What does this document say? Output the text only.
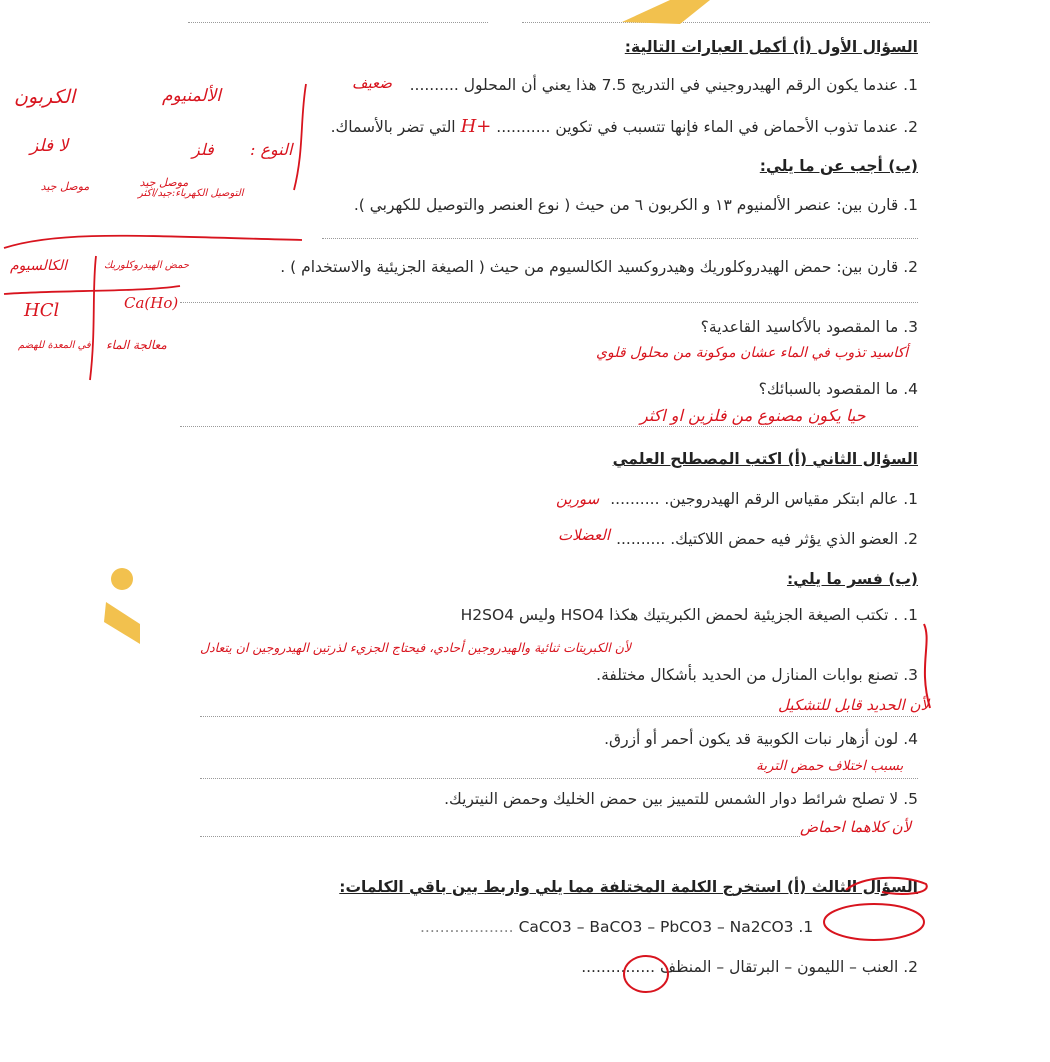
السؤال الأول (أ) أكمل العبارات التالية:
1. عندما يكون الرقم الهيدروجيني في التدريج 7.5 هذا يعني أن المحلول ..........
ضعيف
2. عندما تذوب الأحماض في الماء فإنها تتسبب في تكوين ........... H+ التي تضر بالأسماك.
(ب) أجب عن ما يلي:
1. قارن بين: عنصر الألمنيوم ١٣ و الكربون ٦ من حيث ( نوع العنصر والتوصيل للكهربي ).
2. قارن بين: حمض الهيدروكلوريك وهيدروكسيد الكالسيوم من حيث ( الصيغة الجزيئية والاستخدام ) .
3. ما المقصود بالأكاسيد القاعدية؟
أكاسيد تذوب في الماء عشان موكونة من محلول قلوي
4. ما المقصود بالسبائك؟
حيا يكون مصنوع من فلزين او اكثر
السؤال الثاني (أ) اكتب المصطلح العلمي
1. عالم ابتكر مقياس الرقم الهيدروجين. ..........
سورين
2. العضو الذي يؤثر فيه حمض اللاكتيك. ..........
العضلات
(ب) فسر ما يلي:
1. . تكتب الصيغة الجزيئية لحمض الكبريتيك هكذا HSO4 وليس H2SO4
لأن الكبريتات ثنائية والهيدروجين أحادي، فيحتاج الجزيء لذرتين الهيدروجين ان يتعادل
3. تصنع بوابات المنازل من الحديد بأشكال مختلفة.
لأن الحديد قابل للتشكيل
4. لون أزهار نبات الكوبية قد يكون أحمر أو أزرق.
بسبب اختلاف حمض التربة
5. لا تصلح شرائط دوار الشمس للتمييز بين حمض الخليك وحمض النيتريك.
لأن كلاهما احماض
السؤال الثالث (أ) استخرج الكلمة المختلفة مما يلي واربط بين باقي الكلمات:
................... CaCO3 – BaCO3 – PbCO3 – Na2CO3 .1
2. العنب – الليمون – البرتقال – المنظف ...............
الألمنيوم
الكربون
النوع :
فلز
لا فلز
التوصيل الكهرباء:جيد/اكثر
موصل جيد
موصل جيد
الكالسيوم	حمض الهيدروكلوريك
HCl	Ca(Ho)
معالجة الماء
في المعدة للهضم
